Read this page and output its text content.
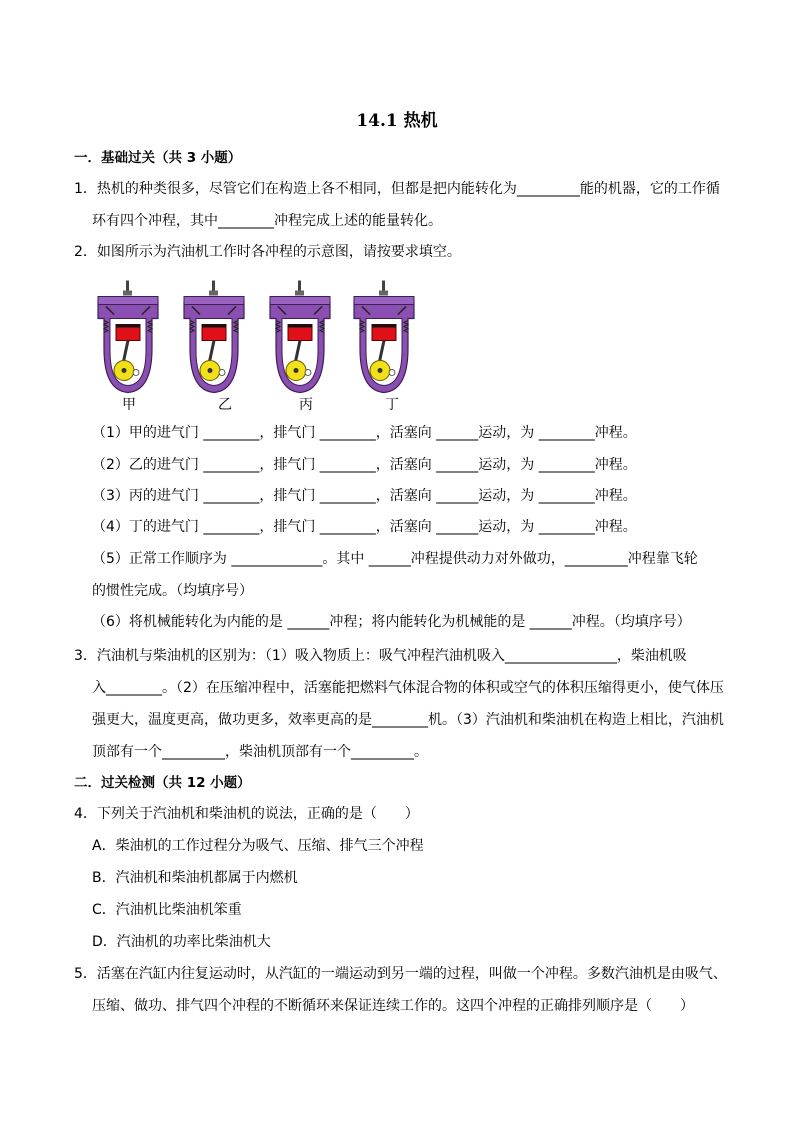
14.1 热机
一．基础过关（共 3 小题）
1．热机的种类很多，尽管它们在构造上各不相同，但都是把内能转化为_________能的机器，它的工作循
环有四个冲程，其中________冲程完成上述的能量转化。
2．如图所示为汽油机工作时各冲程的示意图，请按要求填空。
甲	乙	丙	丁
（1）甲的进气门 ________，排气门 ________，活塞向 ______运动，为 ________冲程。
（2）乙的进气门 ________，排气门 ________，活塞向 ______运动，为 ________冲程。
（3）丙的进气门 ________，排气门 ________，活塞向 ______运动，为 ________冲程。
（4）丁的进气门 ________，排气门 ________，活塞向 ______运动，为 ________冲程。
（5）正常工作顺序为 _____________。其中 ______冲程提供动力对外做功，_________冲程靠飞轮
的惯性完成。（均填序号）
（6）将机械能转化为内能的是 ______冲程；将内能转化为机械能的是 ______冲程。（均填序号）
3．汽油机与柴油机的区别为：（1）吸入物质上：吸气冲程汽油机吸入________________，柴油机吸
入________。（2）在压缩冲程中，活塞能把燃料气体混合物的体积或空气的体积压缩得更小，使气体压
强更大，温度更高，做功更多，效率更高的是________机。（3）汽油机和柴油机在构造上相比，汽油机
顶部有一个_________，柴油机顶部有一个_________。
二．过关检测（共 12 小题）
4．下列关于汽油机和柴油机的说法，正确的是（　　）
A．柴油机的工作过程分为吸气、压缩、排气三个冲程
B．汽油机和柴油机都属于内燃机
C．汽油机比柴油机笨重
D．汽油机的功率比柴油机大
5．活塞在汽缸内往复运动时，从汽缸的一端运动到另一端的过程，叫做一个冲程。多数汽油机是由吸气、
压缩、做功、排气四个冲程的不断循环来保证连续工作的。这四个冲程的正确排列顺序是（　　）
